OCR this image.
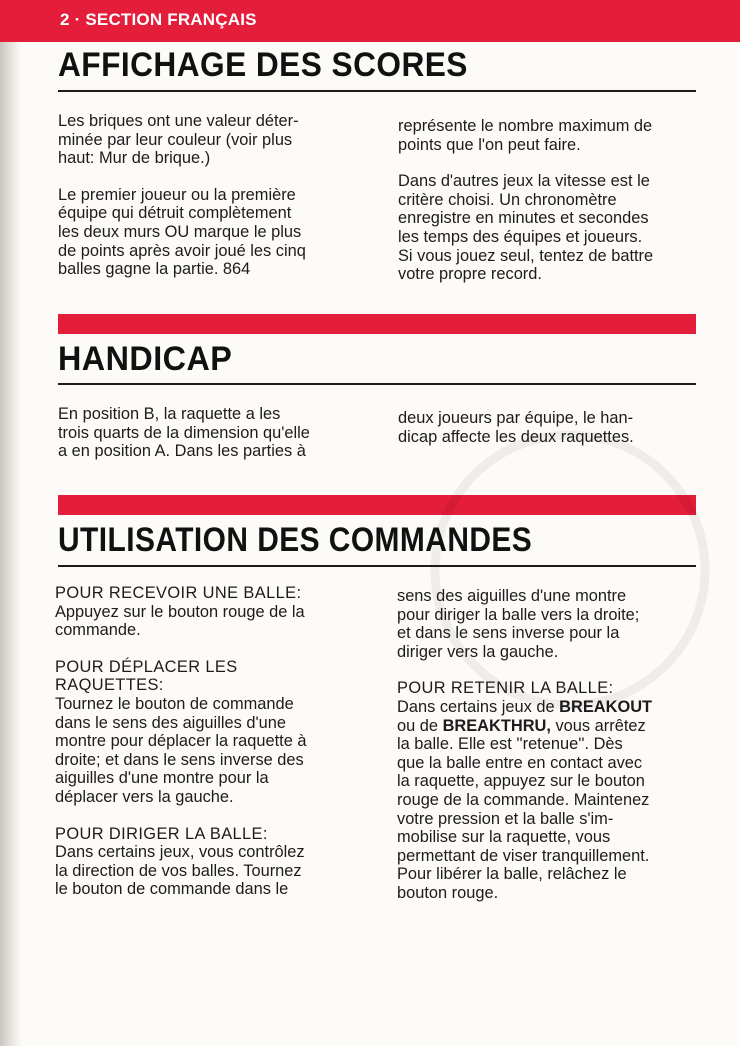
2 · SECTION FRANÇAIS
AFFICHAGE DES SCORES

Les briques ont une valeur déter-
minée par leur couleur (voir plus
haut: Mur de brique.)

Le premier joueur ou la première
équipe qui détruit complètement
les deux murs OU marque le plus
de points après avoir joué les cinq
balles gagne la partie. 864

représente le nombre maximum de
points que l'on peut faire.

Dans d'autres jeux la vitesse est le
critère choisi. Un chronomètre
enregistre en minutes et secondes
les temps des équipes et joueurs.
Si vous jouez seul, tentez de battre
votre propre record.

HANDICAP

En position B, la raquette a les
trois quarts de la dimension qu'elle
a en position A. Dans les parties à

deux joueurs par équipe, le han-
dicap affecte les deux raquettes.

UTILISATION DES COMMANDES

POUR RECEVOIR UNE BALLE:

Appuyez sur le bouton rouge de la
commande.

POUR DÉPLACER LES
RAQUETTES:

Tournez le bouton de commande
dans le sens des aiguilles d'une
montre pour déplacer la raquette à
droite; et dans le sens inverse des
aiguilles d'une montre pour la
déplacer vers la gauche.

POUR DIRIGER LA BALLE:

Dans certains jeux, vous contrôlez
la direction de vos balles. Tournez
le bouton de commande dans le

sens des aiguilles d'une montre
pour diriger la balle vers la droite;
et dans le sens inverse pour la
diriger vers la gauche.

POUR RETENIR LA BALLE:

Dans certains jeux de BREAKOUT
ou de BREAKTHRU, vous arrêtez
la balle. Elle est ''retenue''. Dès
que la balle entre en contact avec
la raquette, appuyez sur le bouton
rouge de la commande. Maintenez
votre pression et la balle s'im-
mobilise sur la raquette, vous
permettant de viser tranquillement.
Pour libérer la balle, relâchez le
bouton rouge.
